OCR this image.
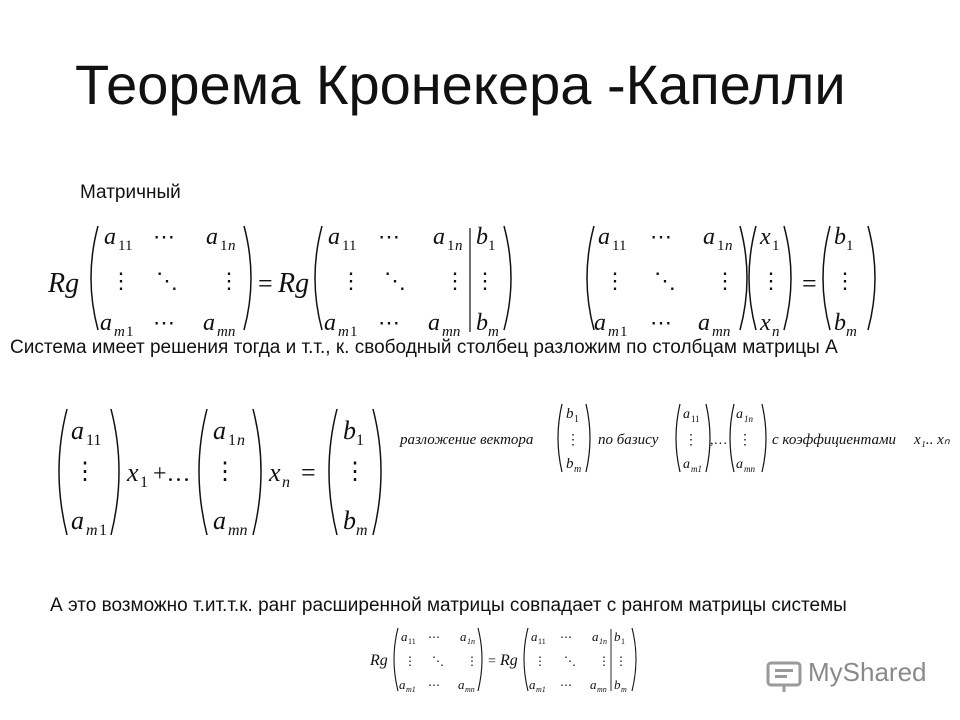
Теорема Кронекера -Капелли
Матричный
Rg
a 11 ⋯ a 1 n
⋮ ⋱ ⋮
a m 1 ⋯ a mn
= Rg
a 11 ⋯ a 1 n
⋮ ⋱ ⋮
a m 1 ⋯ a mn
b 1
⋮
b m
a 11 ⋯ a 1 n
⋮ ⋱ ⋮
a m 1 ⋯ a mn
x 1
⋮
x n
=
b 1
⋮
b m
Система имеет решения тогда и т.т., к. свободный столбец разложим по столбцам матрицы А
a 11
⋮
a m 1
x 1 +…
a 1 n
⋮
a mn
x n =
b 1
⋮
b m
разложение вектора
b 1
⋮
b m
по базису
a 11
⋮
a m1
,…
a 1n
⋮
a mn
с коэффициентами x₁.. xₙ
А это возможно т.ит.т.к. ранг расширенной матрицы совпадает с рангом матрицы системы
Rg
a 11 ⋯ a 1n
⋮ ⋱ ⋮
a m1 ⋯ a mn
= Rg
a 11 ⋯ a 1n
⋮ ⋱ ⋮
a m1 ⋯ a mn
b 1
⋮
b m
MyShared
